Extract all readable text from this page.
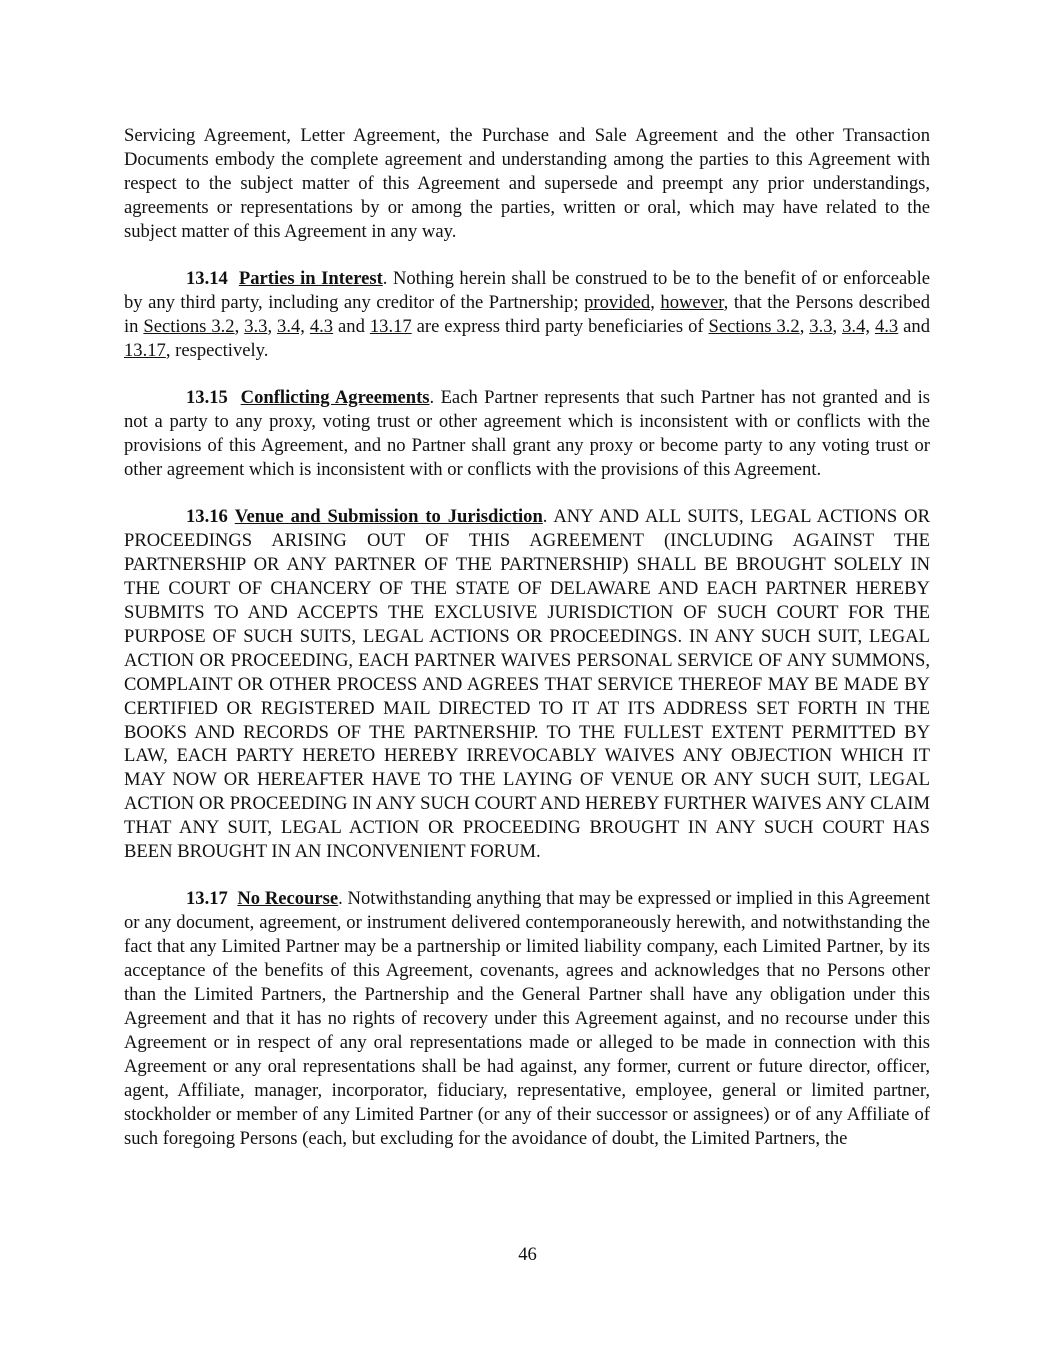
Servicing Agreement, Letter Agreement, the Purchase and Sale Agreement and the other Transaction Documents embody the complete agreement and understanding among the parties to this Agreement with respect to the subject matter of this Agreement and supersede and preempt any prior understandings, agreements or representations by or among the parties, written or oral, which may have related to the subject matter of this Agreement in any way.

13.14 Parties in Interest. Nothing herein shall be construed to be to the benefit of or enforceable by any third party, including any creditor of the Partnership; provided, however, that the Persons described in Sections 3.2, 3.3, 3.4, 4.3 and 13.17 are express third party beneficiaries of Sections 3.2, 3.3, 3.4, 4.3 and 13.17, respectively.

13.15 Conflicting Agreements. Each Partner represents that such Partner has not granted and is not a party to any proxy, voting trust or other agreement which is inconsistent with or conflicts with the provisions of this Agreement, and no Partner shall grant any proxy or become party to any voting trust or other agreement which is inconsistent with or conflicts with the provisions of this Agreement.

13.16 Venue and Submission to Jurisdiction. ANY AND ALL SUITS, LEGAL ACTIONS OR PROCEEDINGS ARISING OUT OF THIS AGREEMENT (INCLUDING AGAINST THE PARTNERSHIP OR ANY PARTNER OF THE PARTNERSHIP) SHALL BE BROUGHT SOLELY IN THE COURT OF CHANCERY OF THE STATE OF DELAWARE AND EACH PARTNER HEREBY SUBMITS TO AND ACCEPTS THE EXCLUSIVE JURISDICTION OF SUCH COURT FOR THE PURPOSE OF SUCH SUITS, LEGAL ACTIONS OR PROCEEDINGS. IN ANY SUCH SUIT, LEGAL ACTION OR PROCEEDING, EACH PARTNER WAIVES PERSONAL SERVICE OF ANY SUMMONS, COMPLAINT OR OTHER PROCESS AND AGREES THAT SERVICE THEREOF MAY BE MADE BY CERTIFIED OR REGISTERED MAIL DIRECTED TO IT AT ITS ADDRESS SET FORTH IN THE BOOKS AND RECORDS OF THE PARTNERSHIP. TO THE FULLEST EXTENT PERMITTED BY LAW, EACH PARTY HERETO HEREBY IRREVOCABLY WAIVES ANY OBJECTION WHICH IT MAY NOW OR HEREAFTER HAVE TO THE LAYING OF VENUE OR ANY SUCH SUIT, LEGAL ACTION OR PROCEEDING IN ANY SUCH COURT AND HEREBY FURTHER WAIVES ANY CLAIM THAT ANY SUIT, LEGAL ACTION OR PROCEEDING BROUGHT IN ANY SUCH COURT HAS BEEN BROUGHT IN AN INCONVENIENT FORUM.

13.17 No Recourse. Notwithstanding anything that may be expressed or implied in this Agreement or any document, agreement, or instrument delivered contemporaneously herewith, and notwithstanding the fact that any Limited Partner may be a partnership or limited liability company, each Limited Partner, by its acceptance of the benefits of this Agreement, covenants, agrees and acknowledges that no Persons other than the Limited Partners, the Partnership and the General Partner shall have any obligation under this Agreement and that it has no rights of recovery under this Agreement against, and no recourse under this Agreement or in respect of any oral representations made or alleged to be made in connection with this Agreement or any oral representations shall be had against, any former, current or future director, officer, agent, Affiliate, manager, incorporator, fiduciary, representative, employee, general or limited partner, stockholder or member of any Limited Partner (or any of their successor or assignees) or of any Affiliate of such foregoing Persons (each, but excluding for the avoidance of doubt, the Limited Partners, the

46
